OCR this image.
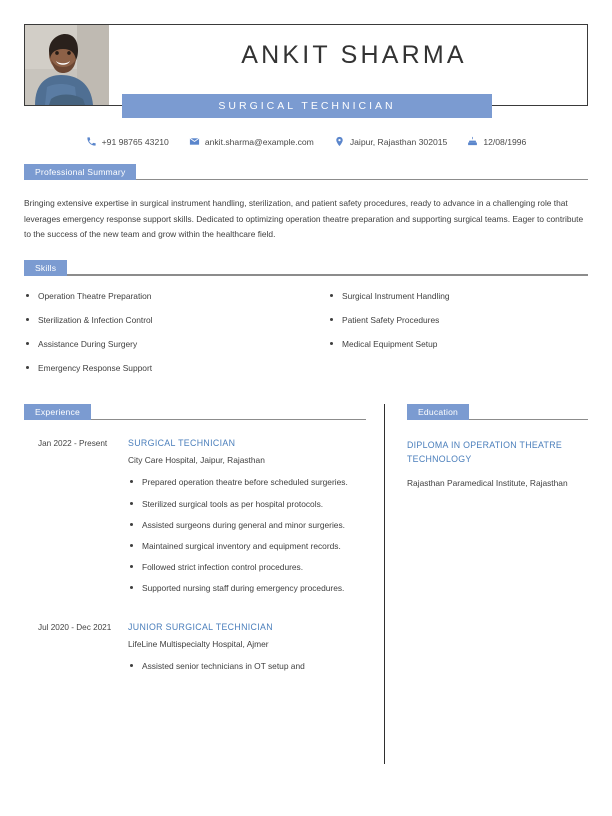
ANKIT SHARMA
SURGICAL TECHNICIAN
+91 98765 43210	ankit.sharma@example.com	Jaipur, Rajasthan 302015	12/08/1996
Professional Summary
Bringing extensive expertise in surgical instrument handling, sterilization, and patient safety procedures, ready to advance in a challenging role that leverages emergency response support skills. Dedicated to optimizing operation theatre preparation and supporting surgical teams. Eager to contribute to the success of the new team and grow within the healthcare field.
Skills
Operation Theatre Preparation
Sterilization & Infection Control
Assistance During Surgery
Emergency Response Support
Surgical Instrument Handling
Patient Safety Procedures
Medical Equipment Setup
Experience
Jan 2022 - Present	SURGICAL TECHNICIAN
City Care Hospital, Jaipur, Rajasthan
Prepared operation theatre before scheduled surgeries.
Sterilized surgical tools as per hospital protocols.
Assisted surgeons during general and minor surgeries.
Maintained surgical inventory and equipment records.
Followed strict infection control procedures.
Supported nursing staff during emergency procedures.
Jul 2020 - Dec 2021	JUNIOR SURGICAL TECHNICIAN
LifeLine Multispecialty Hospital, Ajmer
Assisted senior technicians in OT setup and
Education
DIPLOMA IN OPERATION THEATRE TECHNOLOGY
Rajasthan Paramedical Institute, Rajasthan
